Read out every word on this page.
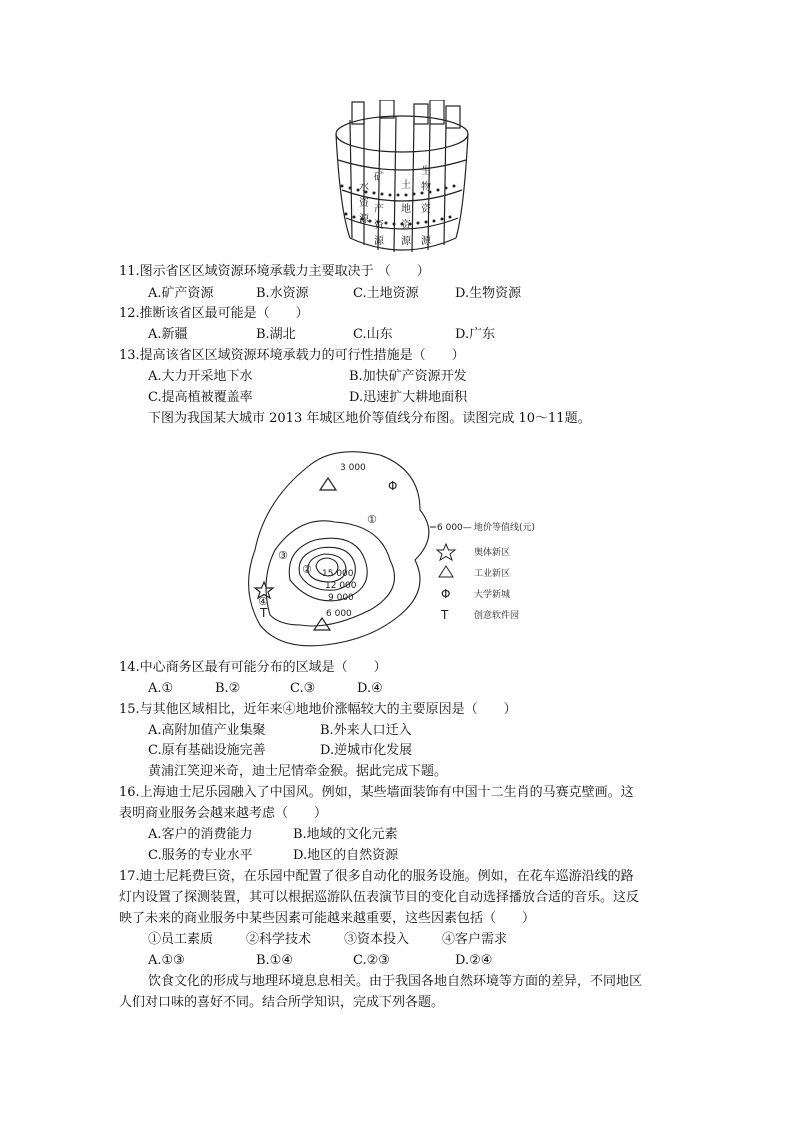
水
资
源
矿
产
资
源
土
地
资
源
生
物
资
源
11.图示省区区域资源环境承载力主要取决于 （　　）
A.矿产资源	B.水资源	C.土地资源	D.生物资源
12.推断该省区最可能是（　　）
A.新疆	B.湖北	C.山东	D.广东
13.提高该省区区域资源环境承载力的可行性措施是（　　）
A.大力开采地下水	B.加快矿产资源开发
C.提高植被覆盖率	D.迅速扩大耕地面积
下图为我国某大城市 2013 年城区地价等值线分布图。读图完成 10～11题。
3 000
15 000
12 000
9 000
6 000
①
②
③
④
Φ
T
6 000— 地价等值线(元)
奥体新区
工业新区
Φ	大学新城
T	创意软件园
14.中心商务区最有可能分布的区域是（　　）
A.①	B.②	C.③	D.④
15.与其他区域相比，近年来④地地价涨幅较大的主要原因是（　　）
A.高附加值产业集聚	B.外来人口迁入
C.原有基础设施完善	D.逆城市化发展
黄浦江笑迎米奇，迪士尼情牵金猴。据此完成下题。
16.上海迪士尼乐园融入了中国风。例如，某些墙面装饰有中国十二生肖的马赛克壁画。这
表明商业服务会越来越考虑（　　）
A.客户的消费能力	B.地域的文化元素
C.服务的专业水平	D.地区的自然资源
17.迪士尼耗费巨资，在乐园中配置了很多自动化的服务设施。例如，在花车巡游沿线的路
灯内设置了探测装置，其可以根据巡游队伍表演节目的变化自动选择播放合适的音乐。这反
映了未来的商业服务中某些因素可能越来越重要，这些因素包括（　　）
①员工素质	②科学技术	③资本投入	④客户需求
A.①③	B.①④	C.②③	D.②④
饮食文化的形成与地理环境息息相关。由于我国各地自然环境等方面的差异，不同地区
人们对口味的喜好不同。结合所学知识，完成下列各题。
